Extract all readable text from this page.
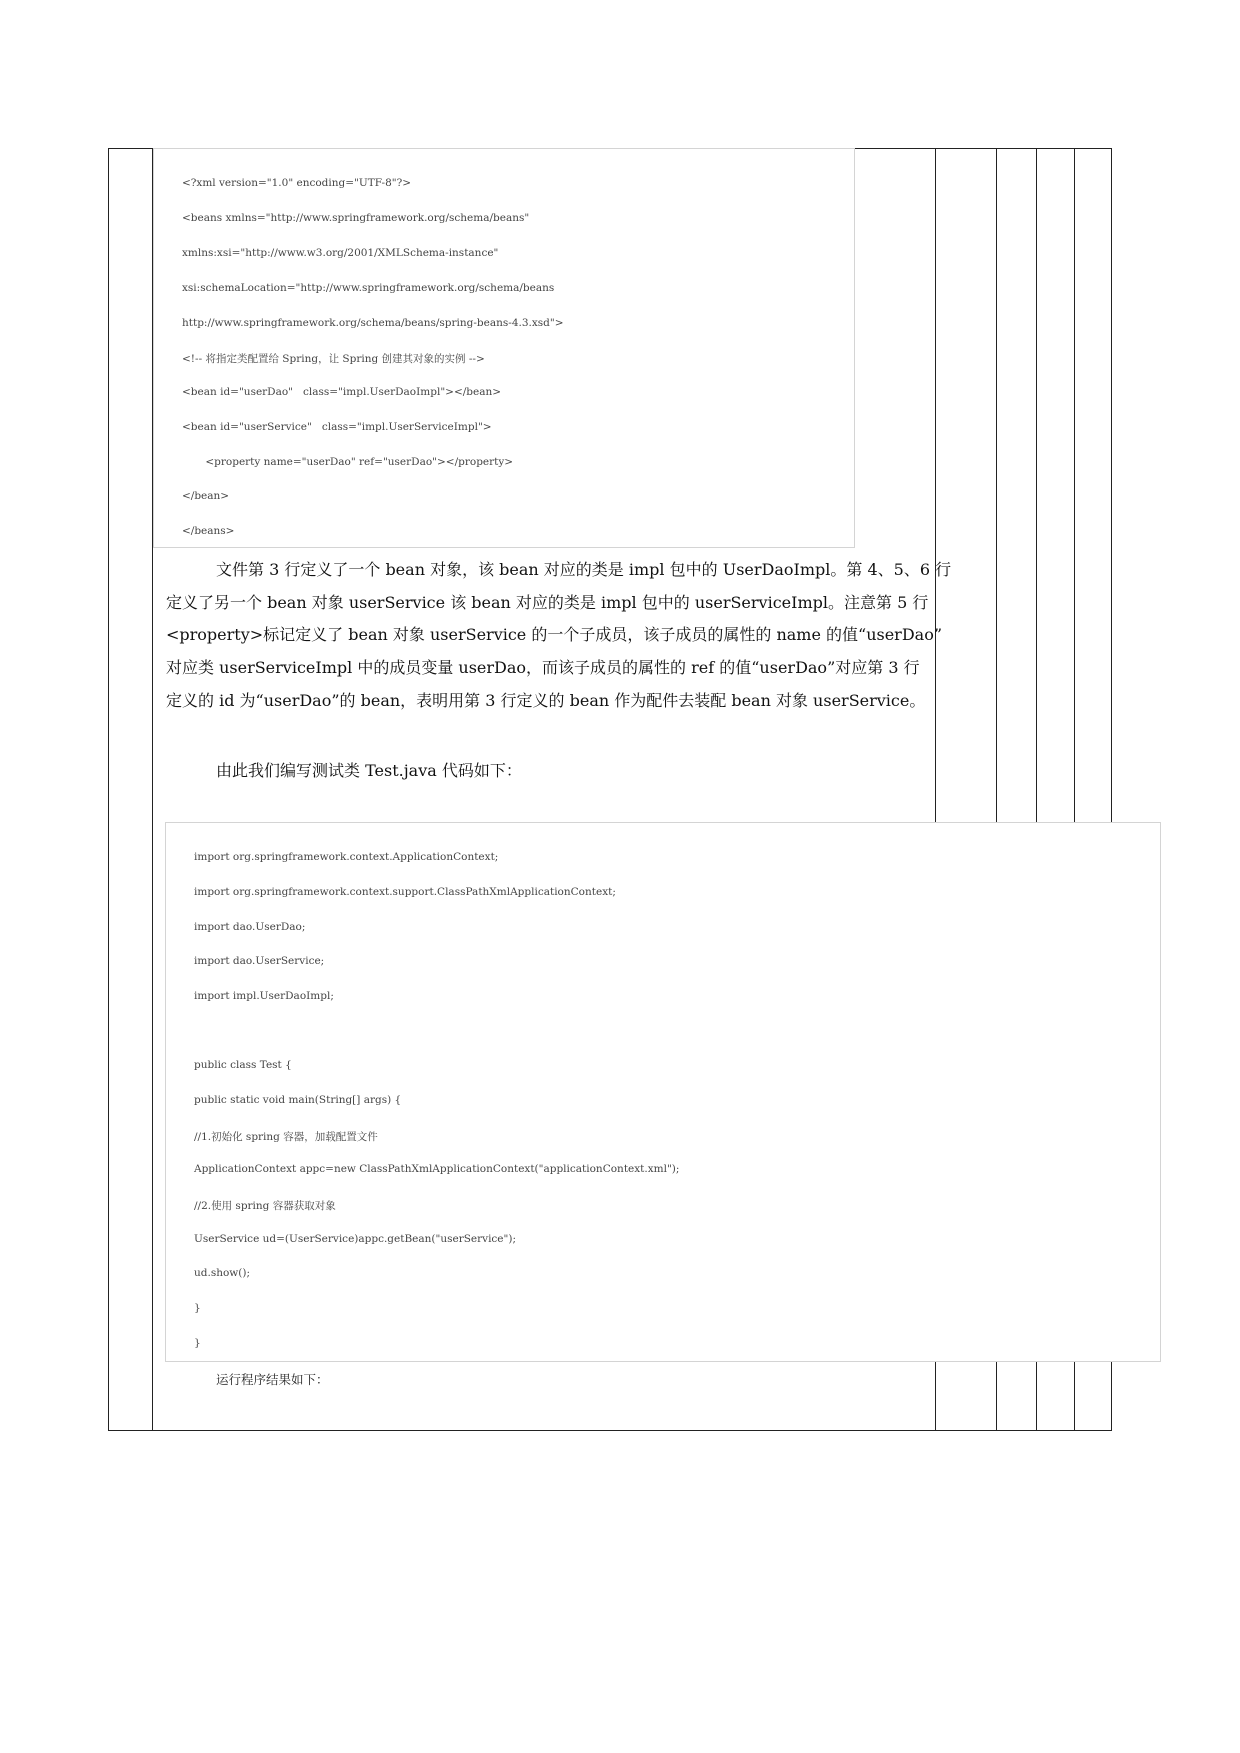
<?xml version="1.0" encoding="UTF-8"?>
<beans xmlns="http://www.springframework.org/schema/beans"
xmlns:xsi="http://www.w3.org/2001/XMLSchema-instance"
xsi:schemaLocation="http://www.springframework.org/schema/beans
http://www.springframework.org/schema/beans/spring-beans-4.3.xsd">
<!-- 将指定类配置给 Spring，让 Spring 创建其对象的实例 -->
<bean id="userDao"   class="impl.UserDaoImpl"></bean>
<bean id="userService"   class="impl.UserServiceImpl">
<property name="userDao" ref="userDao"></property>
</bean>
</beans>
文件第 3 行定义了一个 bean 对象，该 bean 对应的类是 impl 包中的 UserDaoImpl。第 4、5、6 行
定义了另一个 bean 对象 userService 该 bean 对应的类是 impl 包中的 userServiceImpl。注意第 5 行
<property>标记定义了 bean 对象 userService 的一个子成员，该子成员的属性的 name 的值“userDao”
对应类 userServiceImpl 中的成员变量 userDao，而该子成员的属性的 ref 的值“userDao”对应第 3 行
定义的 id 为“userDao”的 bean，表明用第 3 行定义的 bean 作为配件去装配 bean 对象 userService。
由此我们编写测试类 Test.java 代码如下：
import org.springframework.context.ApplicationContext;
import org.springframework.context.support.ClassPathXmlApplicationContext;
import dao.UserDao;
import dao.UserService;
import impl.UserDaoImpl;
public class Test {
public static void main(String[] args) {
//1.初始化 spring 容器，加载配置文件
ApplicationContext appc=new ClassPathXmlApplicationContext("applicationContext.xml");
//2.使用 spring 容器获取对象
UserService ud=(UserService)appc.getBean("userService");
ud.show();
}
}
运行程序结果如下：
